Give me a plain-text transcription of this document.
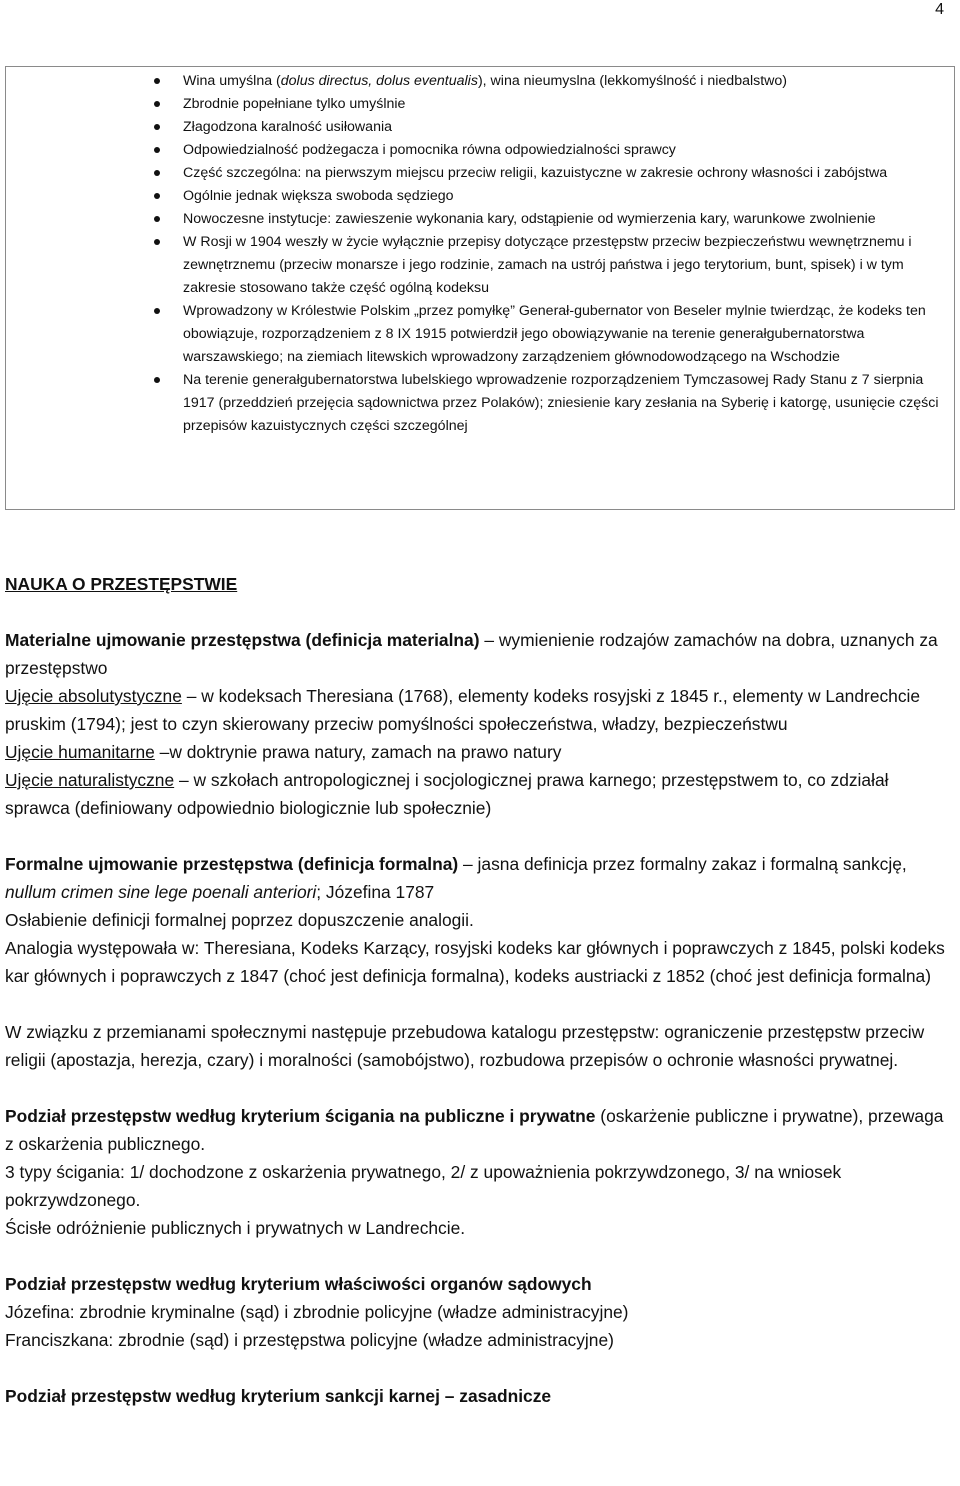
4
Wina umyślna (dolus directus, dolus eventualis), wina nieumyslna (lekkomyślność i niedbalstwo)
Zbrodnie popełniane tylko umyślnie
Złagodzona karalność usiłowania
Odpowiedzialność podżegacza i pomocnika równa odpowiedzialności sprawcy
Część szczególna: na pierwszym miejscu przeciw religii, kazuistyczne w zakresie ochrony własności i zabójstwa
Ogólnie jednak większa swoboda sędziego
Nowoczesne instytucje: zawieszenie wykonania kary, odstąpienie od wymierzenia kary, warunkowe zwolnienie
W Rosji w 1904 weszły w życie wyłącznie przepisy dotyczące przestępstw przeciw bezpieczeństwu wewnętrznemu i zewnętrznemu (przeciw monarsze i jego rodzinie, zamach na ustrój państwa i jego terytorium, bunt, spisek) i w tym zakresie stosowano także część ogólną kodeksu
Wprowadzony w Królestwie Polskim „przez pomyłkę” Generał-gubernator von Beseler mylnie twierdząc, że kodeks ten obowiązuje, rozporządzeniem z 8 IX 1915 potwierdził jego obowiązywanie na terenie generałgubernatorstwa warszawskiego; na ziemiach litewskich wprowadzony zarządzeniem głównodowodzącego na Wschodzie
Na terenie generałgubernatorstwa lubelskiego wprowadzenie rozporządzeniem Tymczasowej Rady Stanu z 7 sierpnia 1917 (przeddzień przejęcia sądownictwa przez Polaków); zniesienie kary zesłania na Syberię i katorgę, usunięcie części przepisów kazuistycznych części szczególnej

NAUKA O PRZESTĘPSTWIE

Materialne ujmowanie przestępstwa (definicja materialna) – wymienienie rodzajów zamachów na dobra, uznanych za przestępstwo

Ujęcie absolutystyczne – w kodeksach Theresiana (1768), elementy kodeks rosyjski z 1845 r., elementy w Landrechcie pruskim (1794); jest to czyn skierowany przeciw pomyślności społeczeństwa, władzy, bezpieczeństwu

Ujęcie humanitarne –w doktrynie prawa natury, zamach na prawo natury

Ujęcie naturalistyczne – w szkołach antropologicznej i socjologicznej prawa karnego; przestępstwem to, co zdziałał sprawca (definiowany odpowiednio biologicznie lub społecznie)

Formalne ujmowanie przestępstwa (definicja formalna) – jasna definicja przez formalny zakaz i formalną sankcję, nullum crimen sine lege poenali anteriori; Józefina 1787

Osłabienie definicji formalnej poprzez dopuszczenie analogii.

Analogia występowała w: Theresiana, Kodeks Karzący, rosyjski kodeks kar głównych i poprawczych z 1845, polski kodeks kar głównych i poprawczych z 1847 (choć jest definicja formalna), kodeks austriacki z 1852 (choć jest definicja formalna)

W związku z przemianami społecznymi następuje przebudowa katalogu przestępstw: ograniczenie przestępstw przeciw religii (apostazja, herezja, czary) i moralności (samobójstwo), rozbudowa przepisów o ochronie własności prywatnej.

Podział przestępstw według kryterium ścigania na publiczne i prywatne (oskarżenie publiczne i prywatne), przewaga z oskarżenia publicznego.

3 typy ścigania: 1/ dochodzone z oskarżenia prywatnego, 2/ z upoważnienia pokrzywdzonego, 3/ na wniosek pokrzywdzonego.

Ścisłe odróżnienie publicznych i prywatnych w Landrechcie.

Podział przestępstw według kryterium właściwości organów sądowych

Józefina: zbrodnie kryminalne (sąd) i zbrodnie policyjne (władze administracyjne)

Franciszkana: zbrodnie (sąd) i przestępstwa policyjne (władze administracyjne)

Podział przestępstw według kryterium sankcji karnej – zasadnicze
